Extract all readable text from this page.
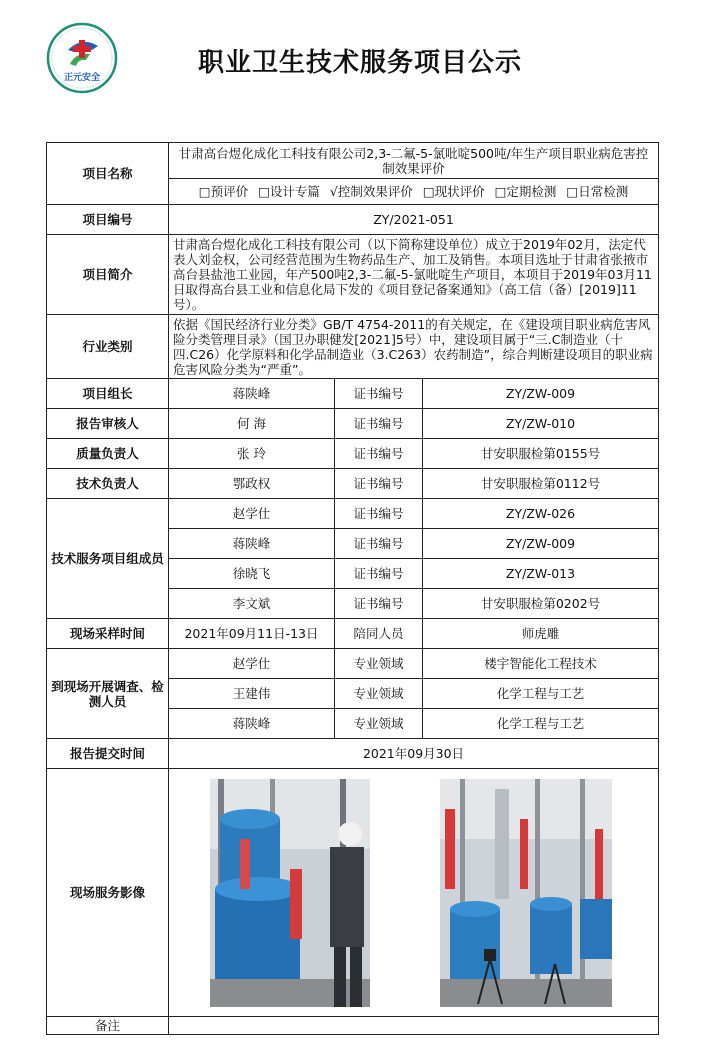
正元安全	职业卫生技术服务项目公示
项目名称	甘肃高台煜化成化工科技有限公司2,3-二氟-5-氯吡啶500吨/年生产项目职业病危害控制效果评价		
	□预评价 □设计专篇 √控制效果评价 □现状评价 □定期检测 □日常检测		
项目编号	ZY/2021-051		
项目简介	甘肃高台煜化成化工科技有限公司（以下简称建设单位）成立于2019年02月，法定代表人刘金权，公司经营范围为生物药品生产、加工及销售。本项目选址于甘肃省张掖市高台县盐池工业园，年产500吨2,3-二氟-5-氯吡啶生产项目，本项目于2019年03月11日取得高台县工业和信息化局下发的《项目登记备案通知》（高工信（备）[2019]11 号）。		
行业类别	依据《国民经济行业分类》GB/T 4754-2011的有关规定，在《建设项目职业病危害风险分类管理目录》（国卫办职健发[2021]5号）中，建设项目属于“三.C制造业（十四.C26）化学原料和化学品制造业（3.C263）农药制造”，综合判断建设项目的职业病危害风险分类为“严重”。		
项目组长	蒋陕峰	证书编号	ZY/ZW-009
报告审核人	何 海	证书编号	ZY/ZW-010
质量负责人	张 玲	证书编号	甘安职服检第0155号
技术负责人	鄂政权	证书编号	甘安职服检第0112号
技术服务项目组成员	赵学仕	证书编号	ZY/ZW-026
	蒋陕峰	证书编号	ZY/ZW-009
	徐晓飞	证书编号	ZY/ZW-013
	李文斌	证书编号	甘安职服检第0202号
现场采样时间	2021年09月11日-13日	陪同人员	师虎雕
到现场开展调查、检测人员	赵学仕	专业领域	楼宇智能化工程技术
	王建伟	专业领域	化学工程与工艺
	蒋陕峰	专业领域	化学工程与工艺
报告提交时间	2021年09月30日		
现场服务影像	

备注			
